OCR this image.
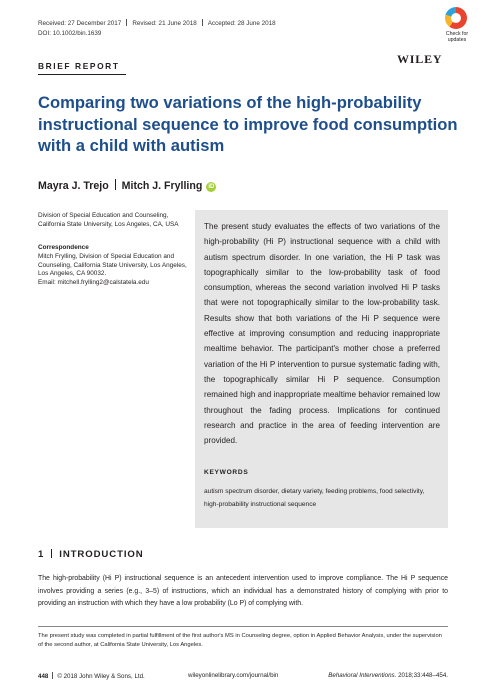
Received: 27 December 2017 Revised: 21 June 2018 Accepted: 28 June 2018
DOI: 10.1002/bin.1639	Check for updates
BRIEF REPORT	WILEY
Comparing two variations of the high-probability instructional sequence to improve food consumption with a child with autism
Mayra J. Trejo Mitch J. Frylling iD
Division of Special Education and Counseling, California State University, Los Angeles, CA, USA
Correspondence
Mitch Frylling, Division of Special Education and Counseling, California State University, Los Angeles, Los Angeles, CA 90032.
Email: mitchell.frylling2@calstatela.edu
The present study evaluates the effects of two variations of the high-probability (Hi P) instructional sequence with a child with autism spectrum disorder. In one variation, the Hi P task was topographically similar to the low-probability task of food consumption, whereas the second variation involved Hi P tasks that were not topographically similar to the low-probability task. Results show that both variations of the Hi P sequence were effective at improving consumption and reducing inappropriate mealtime behavior. The participant's mother chose a preferred variation of the Hi P intervention to pursue systematic fading with, the topographically similar Hi P sequence. Consumption remained high and inappropriate mealtime behavior remained low throughout the fading process. Implications for continued research and practice in the area of feeding intervention are provided.
KEYWORDS
autism spectrum disorder, dietary variety, feeding problems, food selectivity, high-probability instructional sequence
1 INTRODUCTION
The high-probability (Hi P) instructional sequence is an antecedent intervention used to improve compliance. The Hi P sequence involves providing a series (e.g., 3–5) of instructions, which an individual has a demonstrated history of complying with prior to providing an instruction with which they have a low probability (Lo P) of complying with.
The present study was completed in partial fulfillment of the first author's MS in Counseling degree, option in Applied Behavior Analysis, under the supervision of the second author, at California State University, Los Angeles.
448 © 2018 John Wiley & Sons, Ltd.	wileyonlinelibrary.com/journal/bin	Behavioral Interventions. 2018;33:448–454.
